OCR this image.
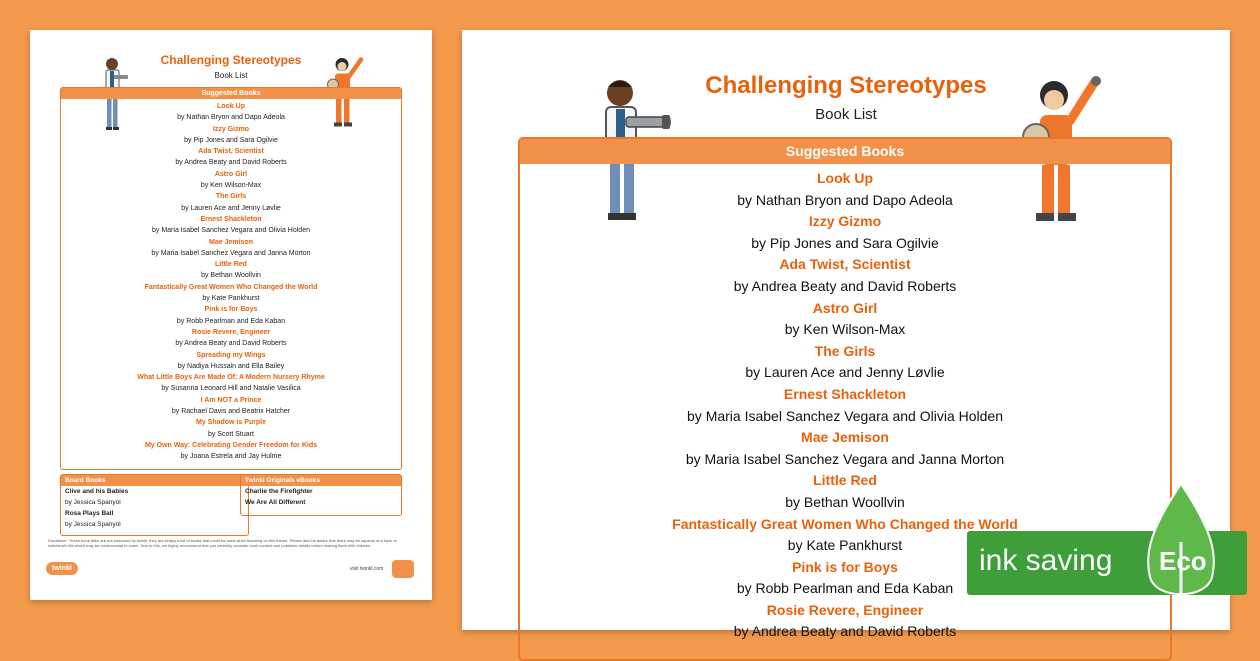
Challenging Stereotypes
Book List
Suggested Books
Look Up
by Nathan Bryon and Dapo Adeola
Izzy Gizmo
by Pip Jones and Sara Ogilvie
Ada Twist, Scientist
by Andrea Beaty and David Roberts
Astro Girl
by Ken Wilson-Max
The Girls
by Lauren Ace and Jenny Løvlie
Ernest Shackleton
by Maria Isabel Sanchez Vegara and Olivia Holden
Mae Jemison
by Maria Isabel Sanchez Vegara and Janna Morton
Little Red
by Bethan Woollvin
Fantastically Great Women Who Changed the World
by Kate Pankhurst
Pink is for Boys
by Robb Pearlman and Eda Kaban
Rosie Revere, Engineer
by Andrea Beaty and David Roberts
Spreading my Wings
by Nadiya Hussain and Ella Bailey
What Little Boys Are Made Of: A Modern Nursery Rhyme
by Susanna Leonard Hill and Natalie Vasilica
I Am NOT a Prince
by Rachael Davis and Beatrix Hatcher
My Shadow is Purple
by Scott Stuart
My Own Way: Celebrating Gender Freedom for Kids
by Joana Estrela and Jay Hulme
Board Books
Clive and his Babies
by Jessica Spanyol
Rosa Plays Ball
by Jessica Spanyol
Twinkl Originals eBooks
Charlie the Firefighter
We Are All Different
Disclaimer: These book titles are not endorsed by twinkl; they are simply a list of books that could be used when teaching on this theme. Please also be aware that there may be aspects of a topic or individual's life which may be controversial to some. Due to this, we highly recommend that you carefully consider book content and publisher details before sharing them with children.
twinkl	visit twinkl.com
Challenging Stereotypes
Book List
Suggested Books
Look Up
by Nathan Bryon and Dapo Adeola
Izzy Gizmo
by Pip Jones and Sara Ogilvie
Ada Twist, Scientist
by Andrea Beaty and David Roberts
Astro Girl
by Ken Wilson-Max
The Girls
by Lauren Ace and Jenny Løvlie
Ernest Shackleton
by Maria Isabel Sanchez Vegara and Olivia Holden
Mae Jemison
by Maria Isabel Sanchez Vegara and Janna Morton
Little Red
by Bethan Woollvin
Fantastically Great Women Who Changed the World
by Kate Pankhurst
Pink is for Boys
by Robb Pearlman and Eda Kaban
Rosie Revere, Engineer
by Andrea Beaty and David Roberts
ink saving Eco
